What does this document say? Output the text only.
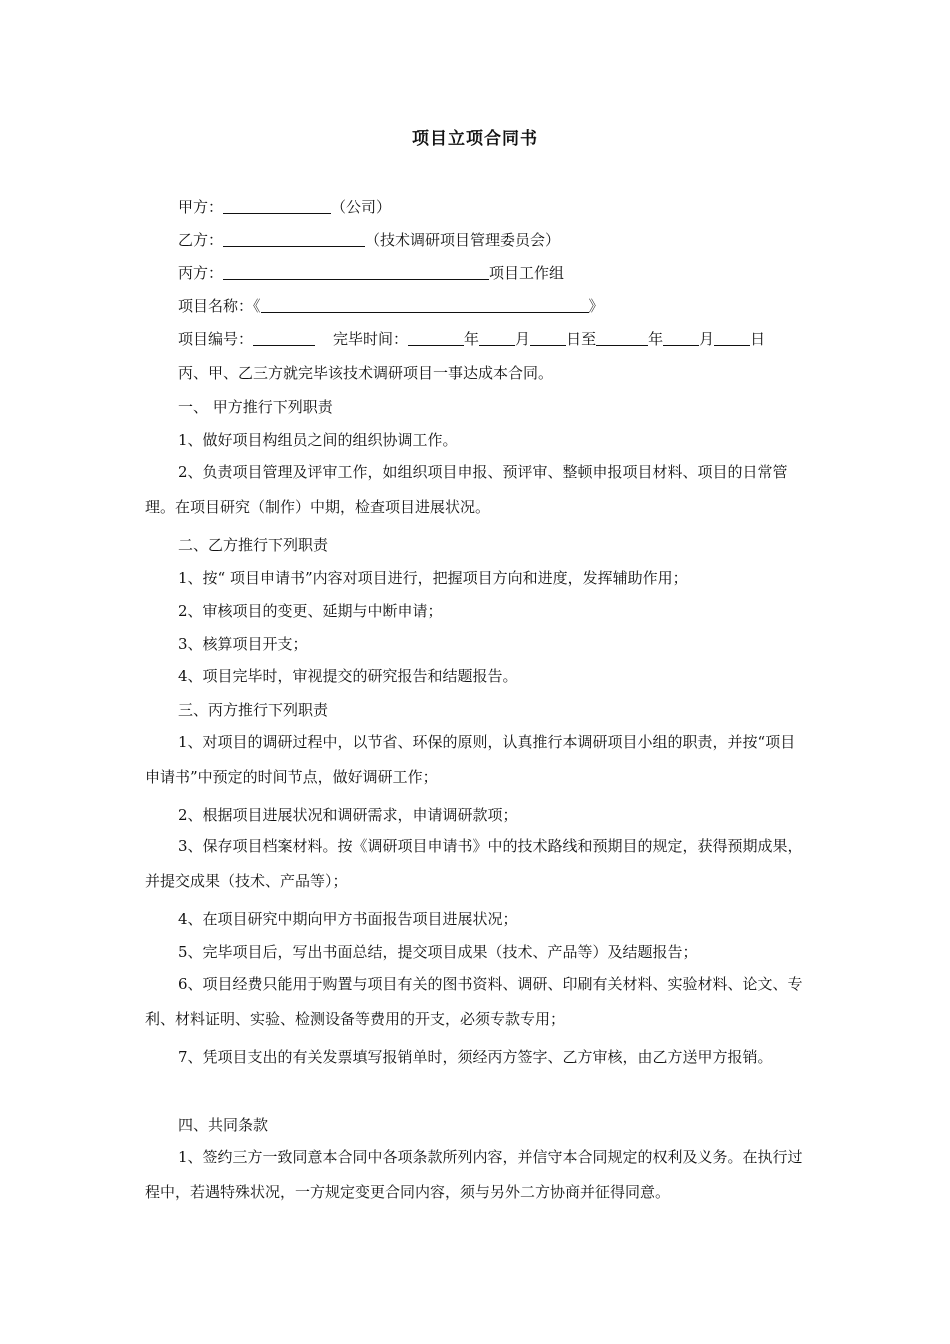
项目立项合同书
甲方：	（公司）
乙方：	（技术调研项目管理委员会）
丙方：	项目工作组
项目名称：《	》
项目编号：	完毕时间：	年 月 日至	年 月 日
丙、甲、乙三方就完毕该技术调研项目一事达成本合同。
一、 甲方推行下列职责
1、做好项目构组员之间的组织协调工作。
2、负责项目管理及评审工作，如组织项目申报、预评审、整顿申报项目材料、项目的日常管理。在项目研究（制作）中期，检查项目进展状况。
二、乙方推行下列职责
1、按“ 项目申请书”内容对项目进行，把握项目方向和进度，发挥辅助作用；
2、审核项目的变更、延期与中断申请；
3、核算项目开支；
4、项目完毕时，审视提交的研究报告和结题报告。
三、丙方推行下列职责
1、对项目的调研过程中，以节省、环保的原则，认真推行本调研项目小组的职责，并按“项目申请书”中预定的时间节点，做好调研工作；
2、根据项目进展状况和调研需求，申请调研款项；
3、保存项目档案材料。按《调研项目申请书》中的技术路线和预期目的规定，获得预期成果，并提交成果（技术、产品等）；
4、在项目研究中期向甲方书面报告项目进展状况；
5、完毕项目后，写出书面总结，提交项目成果（技术、产品等）及结题报告；
6、项目经费只能用于购置与项目有关的图书资料、调研、印刷有关材料、实验材料、论文、专利、材料证明、实验、检测设备等费用的开支，必须专款专用；
7、凭项目支出的有关发票填写报销单时，须经丙方签字、乙方审核，由乙方送甲方报销。
四、共同条款
1、签约三方一致同意本合同中各项条款所列内容，并信守本合同规定的权利及义务。在执行过程中，若遇特殊状况，一方规定变更合同内容，须与另外二方协商并征得同意。
